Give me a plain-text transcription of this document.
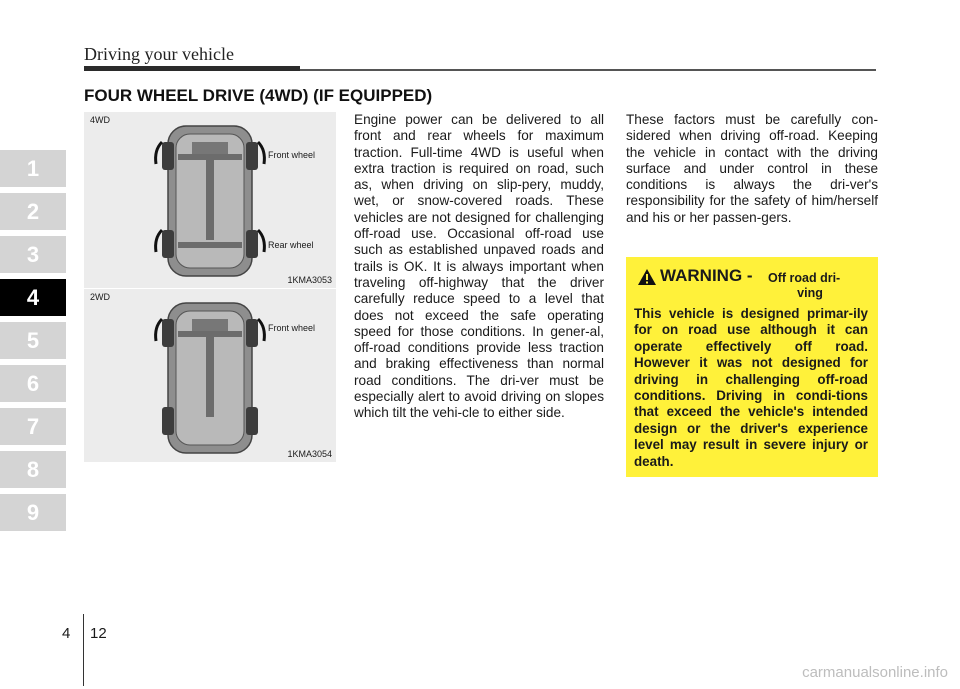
Driving your vehicle
1
2
3
4
5
6
7
8
9
FOUR WHEEL DRIVE (4WD) (IF EQUIPPED)
4WD
Front wheel
Rear wheel
1KMA3053
2WD
Front wheel
1KMA3054

Engine power can be delivered to all front and rear wheels for maximum traction. Full-time 4WD is useful when extra traction is required on road, such as, when driving on slip-pery, muddy, wet, or snow-covered roads. These vehicles are not designed for challenging off-road use. Occasional off-road use such as established unpaved roads and trails is OK. It is always important when traveling off-highway that the driver carefully reduce speed to a level that does not exceed the safe operating speed for those conditions. In gener-al, off-road conditions provide less traction and braking effectiveness than normal road conditions. The dri-ver must be especially alert to avoid driving on slopes which tilt the vehi-cle to either side.

These factors must be carefully con-sidered when driving off-road. Keeping the vehicle in contact with the driving surface and under control in these conditions is always the dri-ver's responsibility for the safety of him/herself and his or her passen-gers.

WARNING - Off road dri-
ving

This vehicle is designed primar-ily for on road use although it can operate effectively off road. However it was not designed for driving in challenging off-road conditions. Driving in condi-tions that exceed the vehicle's intended design or the driver's experience level may result in severe injury or death.

4 12
carmanualsonline.info
